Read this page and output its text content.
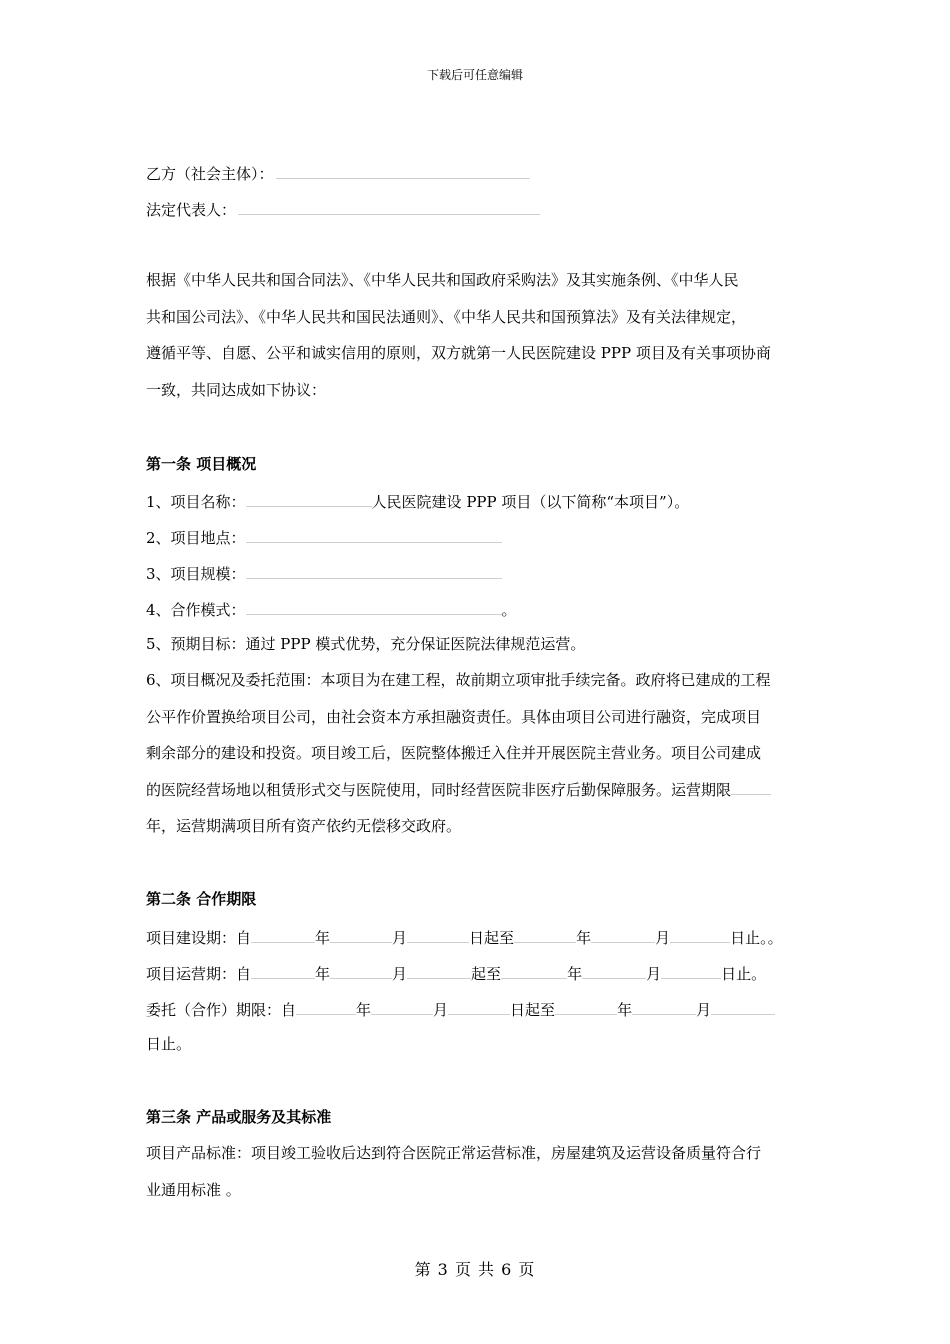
下载后可任意编辑
乙方（社会主体）：
法定代表人：
根据《中华人民共和国合同法》、《中华人民共和国政府采购法》及其实施条例、《中华人民
共和国公司法》、《中华人民共和国民法通则》、《中华人民共和国预算法》及有关法律规定，
遵循平等、自愿、公平和诚实信用的原则，双方就第一人民医院建设 PPP 项目及有关事项协商
一致，共同达成如下协议：
第一条 项目概况
1、项目名称：	人民医院建设 PPP 项目（以下简称“本项目”）。
2、项目地点：
3、项目规模：
4、合作模式：	。
5、预期目标：通过 PPP 模式优势，充分保证医院法律规范运营。
6、项目概况及委托范围：本项目为在建工程，故前期立项审批手续完备。政府将已建成的工程
公平作价置换给项目公司，由社会资本方承担融资责任。具体由项目公司进行融资，完成项目
剩余部分的建设和投资。项目竣工后，医院整体搬迁入住并开展医院主营业务。项目公司建成
的医院经营场地以租赁形式交与医院使用，同时经营医院非医疗后勤保障服务。运营期限
年，运营期满项目所有资产依约无偿移交政府。
第二条 合作期限
项目建设期：自	年	月	日起至	年	月	日止。。
项目运营期：自	年	月	起至	年	月	日止。
委托（合作）期限：自	年	月	日起至	年	月
日止。
第三条 产品或服务及其标准
项目产品标准：项目竣工验收后达到符合医院正常运营标准，房屋建筑及运营设备质量符合行
业通用标准 。
第 3 页 共 6 页
